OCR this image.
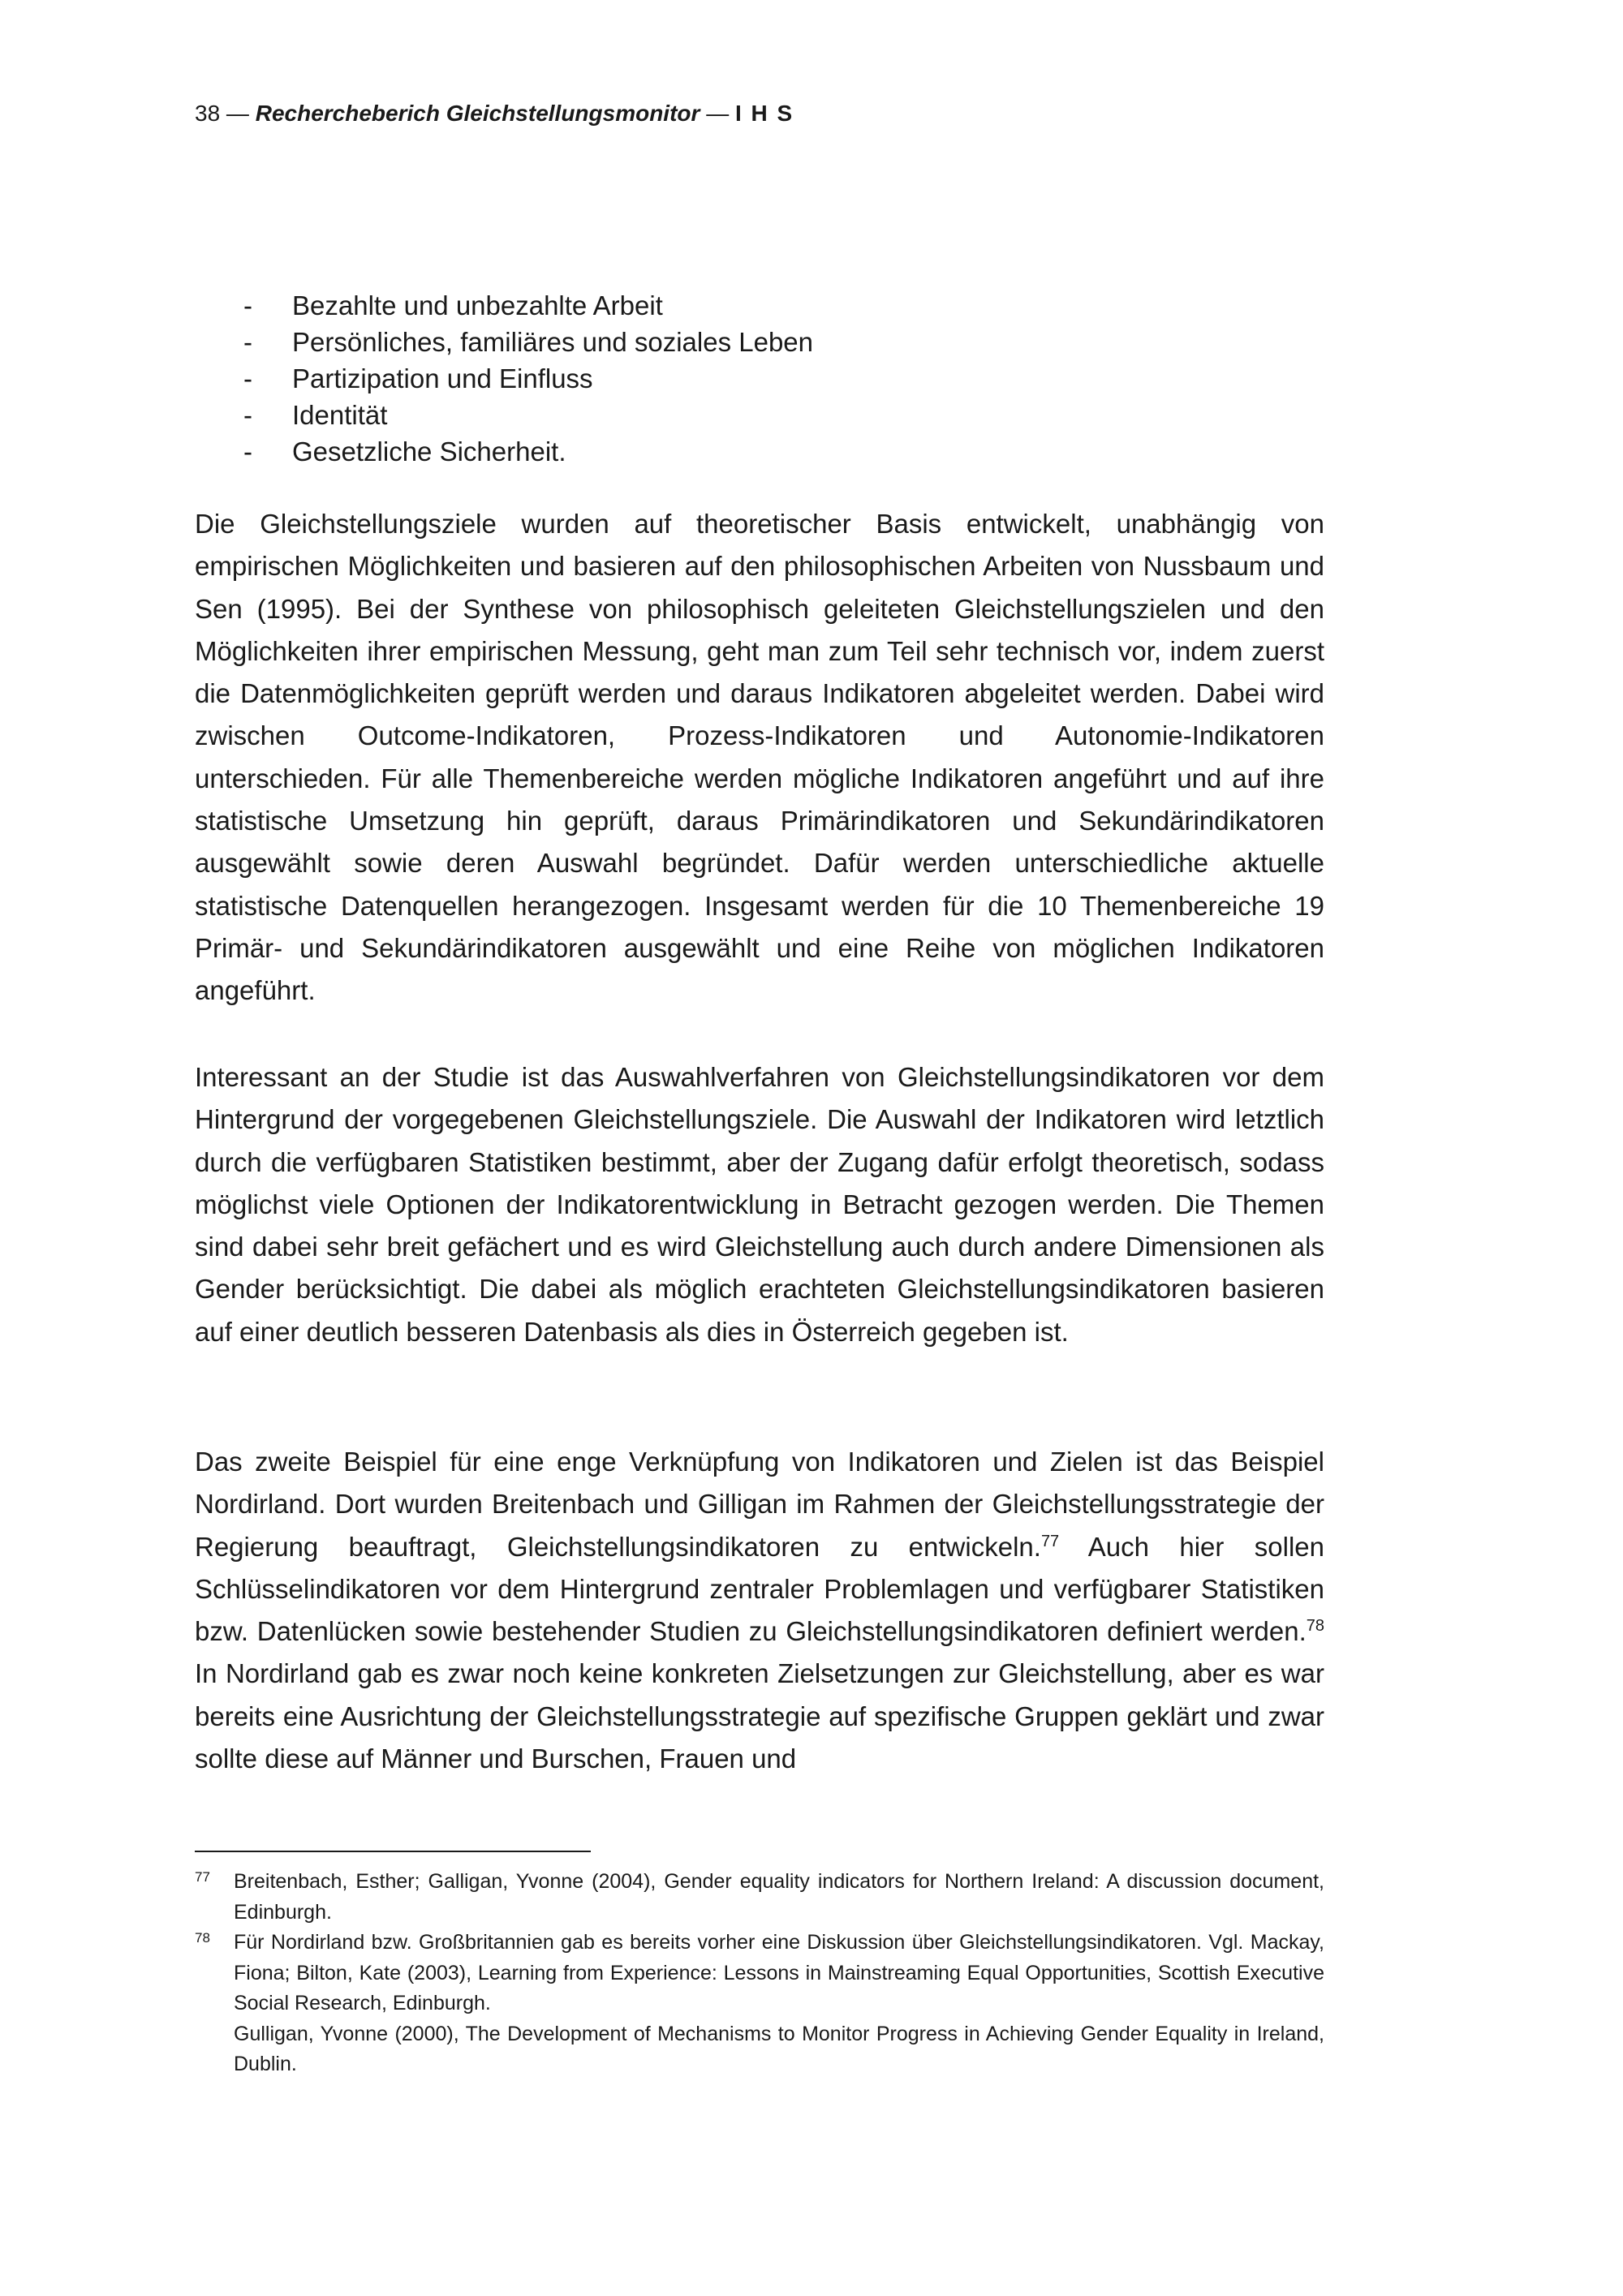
38 — Rechercheberich Gleichstellungsmonitor — I H S
- Bezahlte und unbezahlte Arbeit
- Persönliches, familiäres und soziales Leben
- Partizipation und Einfluss
- Identität
- Gesetzliche Sicherheit.

Die Gleichstellungsziele wurden auf theoretischer Basis entwickelt, unabhängig von empirischen Möglichkeiten und basieren auf den philosophischen Arbeiten von Nussbaum und Sen (1995). Bei der Synthese von philosophisch geleiteten Gleichstellungszielen und den Möglichkeiten ihrer empirischen Messung, geht man zum Teil sehr technisch vor, indem zuerst die Datenmöglichkeiten geprüft werden und daraus Indikatoren abgeleitet werden. Dabei wird zwischen Outcome-Indikatoren, Prozess-Indikatoren und Autonomie-Indikatoren unterschieden. Für alle Themenbereiche werden mögliche Indikatoren angeführt und auf ihre statistische Umsetzung hin geprüft, daraus Primärindikatoren und Sekundärindikatoren ausgewählt sowie deren Auswahl begründet. Dafür werden unterschiedliche aktuelle statistische Datenquellen herangezogen. Insgesamt werden für die 10 Themenbereiche 19 Primär- und Sekundärindikatoren ausgewählt und eine Reihe von möglichen Indikatoren angeführt.

Interessant an der Studie ist das Auswahlverfahren von Gleichstellungsindikatoren vor dem Hintergrund der vorgegebenen Gleichstellungsziele. Die Auswahl der Indikatoren wird letztlich durch die verfügbaren Statistiken bestimmt, aber der Zugang dafür erfolgt theoretisch, sodass möglichst viele Optionen der Indikatorentwicklung in Betracht gezogen werden. Die Themen sind dabei sehr breit gefächert und es wird Gleichstellung auch durch andere Dimensionen als Gender berücksichtigt. Die dabei als möglich erachteten Gleichstellungsindikatoren basieren auf einer deutlich besseren Datenbasis als dies in Österreich gegeben ist.

Das zweite Beispiel für eine enge Verknüpfung von Indikatoren und Zielen ist das Beispiel Nordirland. Dort wurden Breitenbach und Gilligan im Rahmen der Gleichstellungsstrategie der Regierung beauftragt, Gleichstellungsindikatoren zu entwickeln.$^{77}$ Auch hier sollen Schlüsselindikatoren vor dem Hintergrund zentraler Problemlagen und verfügbarer Statistiken bzw. Datenlücken sowie bestehender Studien zu Gleichstellungsindikatoren definiert werden.$^{78}$ In Nordirland gab es zwar noch keine konkreten Zielsetzungen zur Gleichstellung, aber es war bereits eine Ausrichtung der Gleichstellungsstrategie auf spezifische Gruppen geklärt und zwar sollte diese auf Männer und Burschen, Frauen und

77 Breitenbach, Esther; Galligan, Yvonne (2004), Gender equality indicators for Northern Ireland: A discussion document, Edinburgh.

78 Für Nordirland bzw. Großbritannien gab es bereits vorher eine Diskussion über Gleichstellungsindikatoren. Vgl. Mackay, Fiona; Bilton, Kate (2003), Learning from Experience: Lessons in Mainstreaming Equal Opportunities, Scottish Executive Social Research, Edinburgh.

Gulligan, Yvonne (2000), The Development of Mechanisms to Monitor Progress in Achieving Gender Equality in Ireland, Dublin.
